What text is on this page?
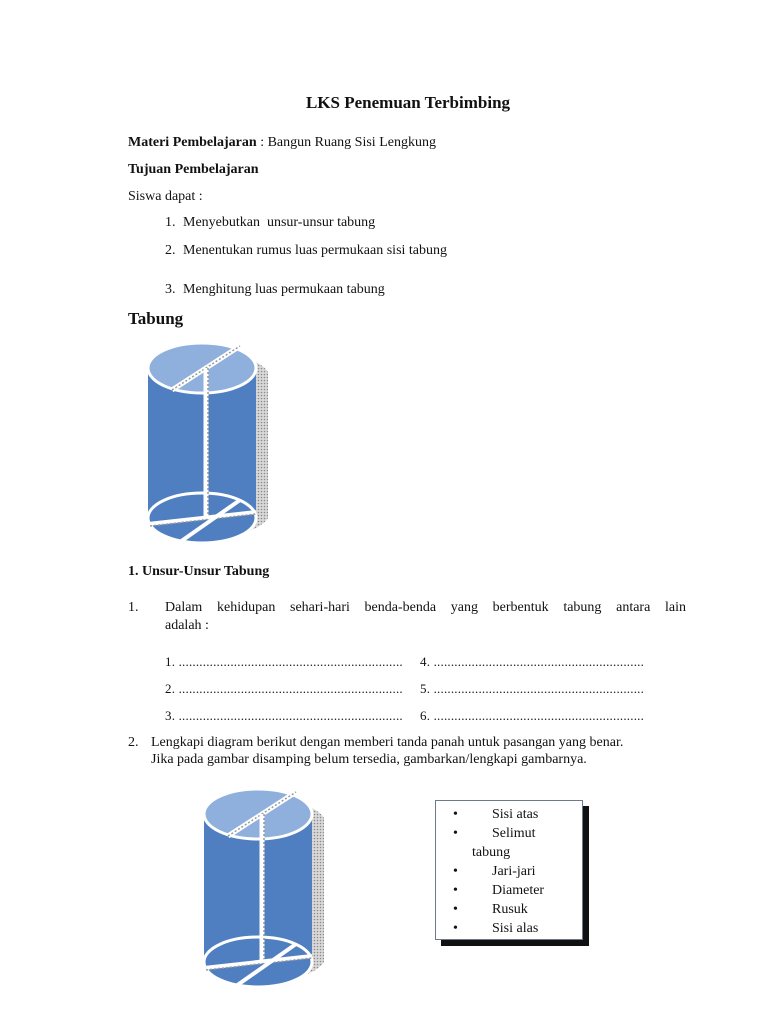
LKS Penemuan Terbimbing
Materi Pembelajaran : Bangun Ruang Sisi Lengkung
Tujuan Pembelajaran
Siswa dapat :
1. Menyebutkan  unsur-unsur tabung
2. Menentukan rumus luas permukaan sisi tabung
3. Menghitung luas permukaan tabung
Tabung
1. Unsur-Unsur Tabung
1. Dalam kehidupan sehari-hari benda-benda yang berbentuk tabung antara lain
adalah :
1. ................................................................. 4. .............................................................
2. ................................................................. 5. .............................................................
3. ................................................................. 6. .............................................................
2. Lengkapi diagram berikut dengan memberi tanda panah untuk pasangan yang benar.
Jika pada gambar disamping belum tersedia, gambarkan/lengkapi gambarnya.
• Sisi atas
• Selimut
tabung
• Jari-jari
• Diameter
• Rusuk
• Sisi alas
